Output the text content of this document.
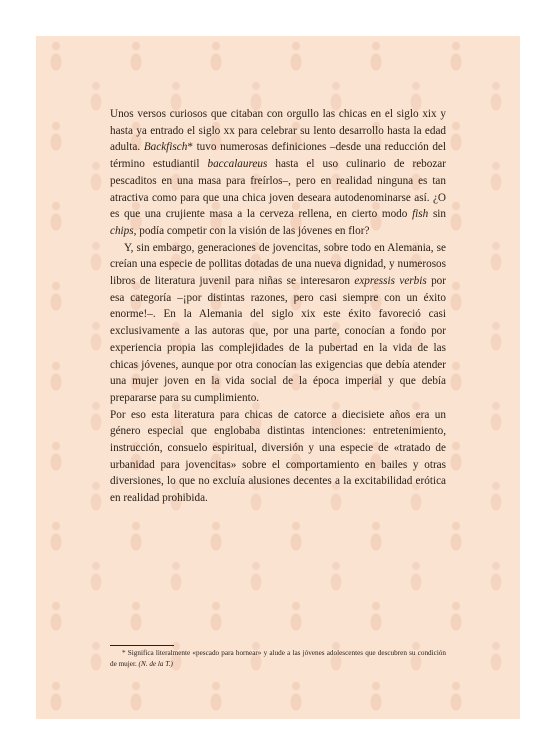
Unos versos curiosos que citaban con orgullo las chicas en el siglo xix y hasta ya entrado el siglo xx para celebrar su lento desarrollo hasta la edad adulta. Backfisch* tuvo numerosas definiciones –desde una reducción del término estudiantil baccalaureus hasta el uso culinario de rebozar pescaditos en una masa para freírlos–, pero en realidad ninguna es tan atractiva como para que una chica joven deseara autodenominarse así. ¿O es que una crujiente masa a la cerveza rellena, en cierto modo fish sin chips, podía competir con la visión de las jóvenes en flor?

Y, sin embargo, generaciones de jovencitas, sobre todo en Alemania, se creían una especie de pollitas dotadas de una nueva dignidad, y numerosos libros de literatura juvenil para niñas se interesaron expressis verbis por esa categoría –¡por distintas razones, pero casi siempre con un éxito enorme!–. En la Alemania del siglo xix este éxito favoreció casi exclusivamente a las autoras que, por una parte, conocían a fondo por experiencia propia las complejidades de la pubertad en la vida de las chicas jóvenes, aunque por otra conocían las exigencias que debía atender una mujer joven en la vida social de la época imperial y que debía prepararse para su cumplimiento.

Por eso esta literatura para chicas de catorce a diecisiete años era un género especial que englobaba distintas intenciones: entretenimiento, instrucción, consuelo espiritual, diversión y una especie de «tratado de urbanidad para jovencitas» sobre el comportamiento en bailes y otras diversiones, lo que no excluía alusiones decentes a la excitabilidad erótica en realidad prohibida.

* Significa literalmente «pescado para hornear» y alude a las jóvenes adolescentes que descubren su condición de mujer. (N. de la T.)
